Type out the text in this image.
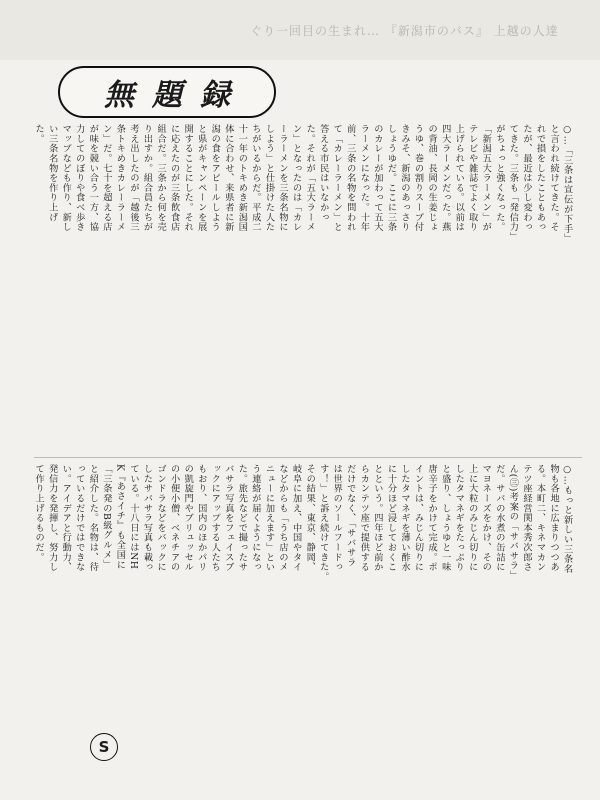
ぐり一回目の生まれ… 『新潟市のバス』 上越の人達
無題録
○…「三条は宣伝が下手」
と言われ続けてきた。そ
れで損をしたこともあっ
たが、最近は少し変わっ
てきた。三条も「発信力」
がちょっと強くなった。
「新潟五大ラーメン」が
テレビや雑誌でよく取り
上げられている。以前は
四大ラーメンだった。燕
の背油、長岡の生姜じょ
うゆ、巻の割りスープ付
きみそ、新潟のあっさり
しょうゆだ。ここに三条
のカレーが加わって五大
ラーメンになった。十年
前、三条の名物を問われ
て「カレーラーメン」と
答える市民はいなかっ
た。それが「五大ラーメ
ン」となったのは「カレ
ーラーメンを三条名物に
しよう」と仕掛けた人た
ちがいるからだ。平成二
十一年のトキめき新潟国
体に合わせ、来県者に新
潟の食をアピールしよう
と県がキャンペーンを展
開することにした。それ
に応えたのが三条飲食店
組合だ。三条から何を売
り出すか。組合員たちが
考え出したのが「越後三
条トキめきカレーラーメ
ン」だ。七十を超える店
が味を競い合う一方、協
力してのぼりや食べ歩き
マップなども作り、新し
い三条名物を作り上げ
た。
○…もっと新しい三条名
物も各地に広まりつつあ
る。本町二、キネマカン
テツ座経営関本秀次郎さ
ん(㊂)考案の「サバサラ」
だ。サバの水煮の缶詰に
マヨネーズをかけ、その
上に大粒のみじん切りに
したタマネギをたっぷり
と盛り、しょうゆと一味
唐辛子をかけて完成。ポ
イントは、みじん切りに
したタマネギを薄い酢水
に十分ほど浸しておくこ
とという。四年ほど前か
らカンテツ座で提供する
だけでなく、「サバサラ
は世界のソールフードっ
す！」と訴え続けてきた。
その結果、東京、静岡、
岐阜に加え、中国やタイ
などからも「うち店のメ
ニューに加えます」とい
う連絡が届くようになっ
た。旅先などで撮ったサ
バサラ写真をフェイスブ
ックにアップする人たち
もおり、国内のほかパリ
の凱旋門やブリュッセル
の小便小僧、ベネチアの
ゴンドラなどをバックに
したサバサラ写真も載っ
ている。十八日にはNH
K『あさイチ』も全国に
「三条発のB級グルメ」
と紹介した。名物は、待
っているだけではできな
い。アイデアと行動力、
発信力を発揮し、努力し
て作り上げるものだ。
S
